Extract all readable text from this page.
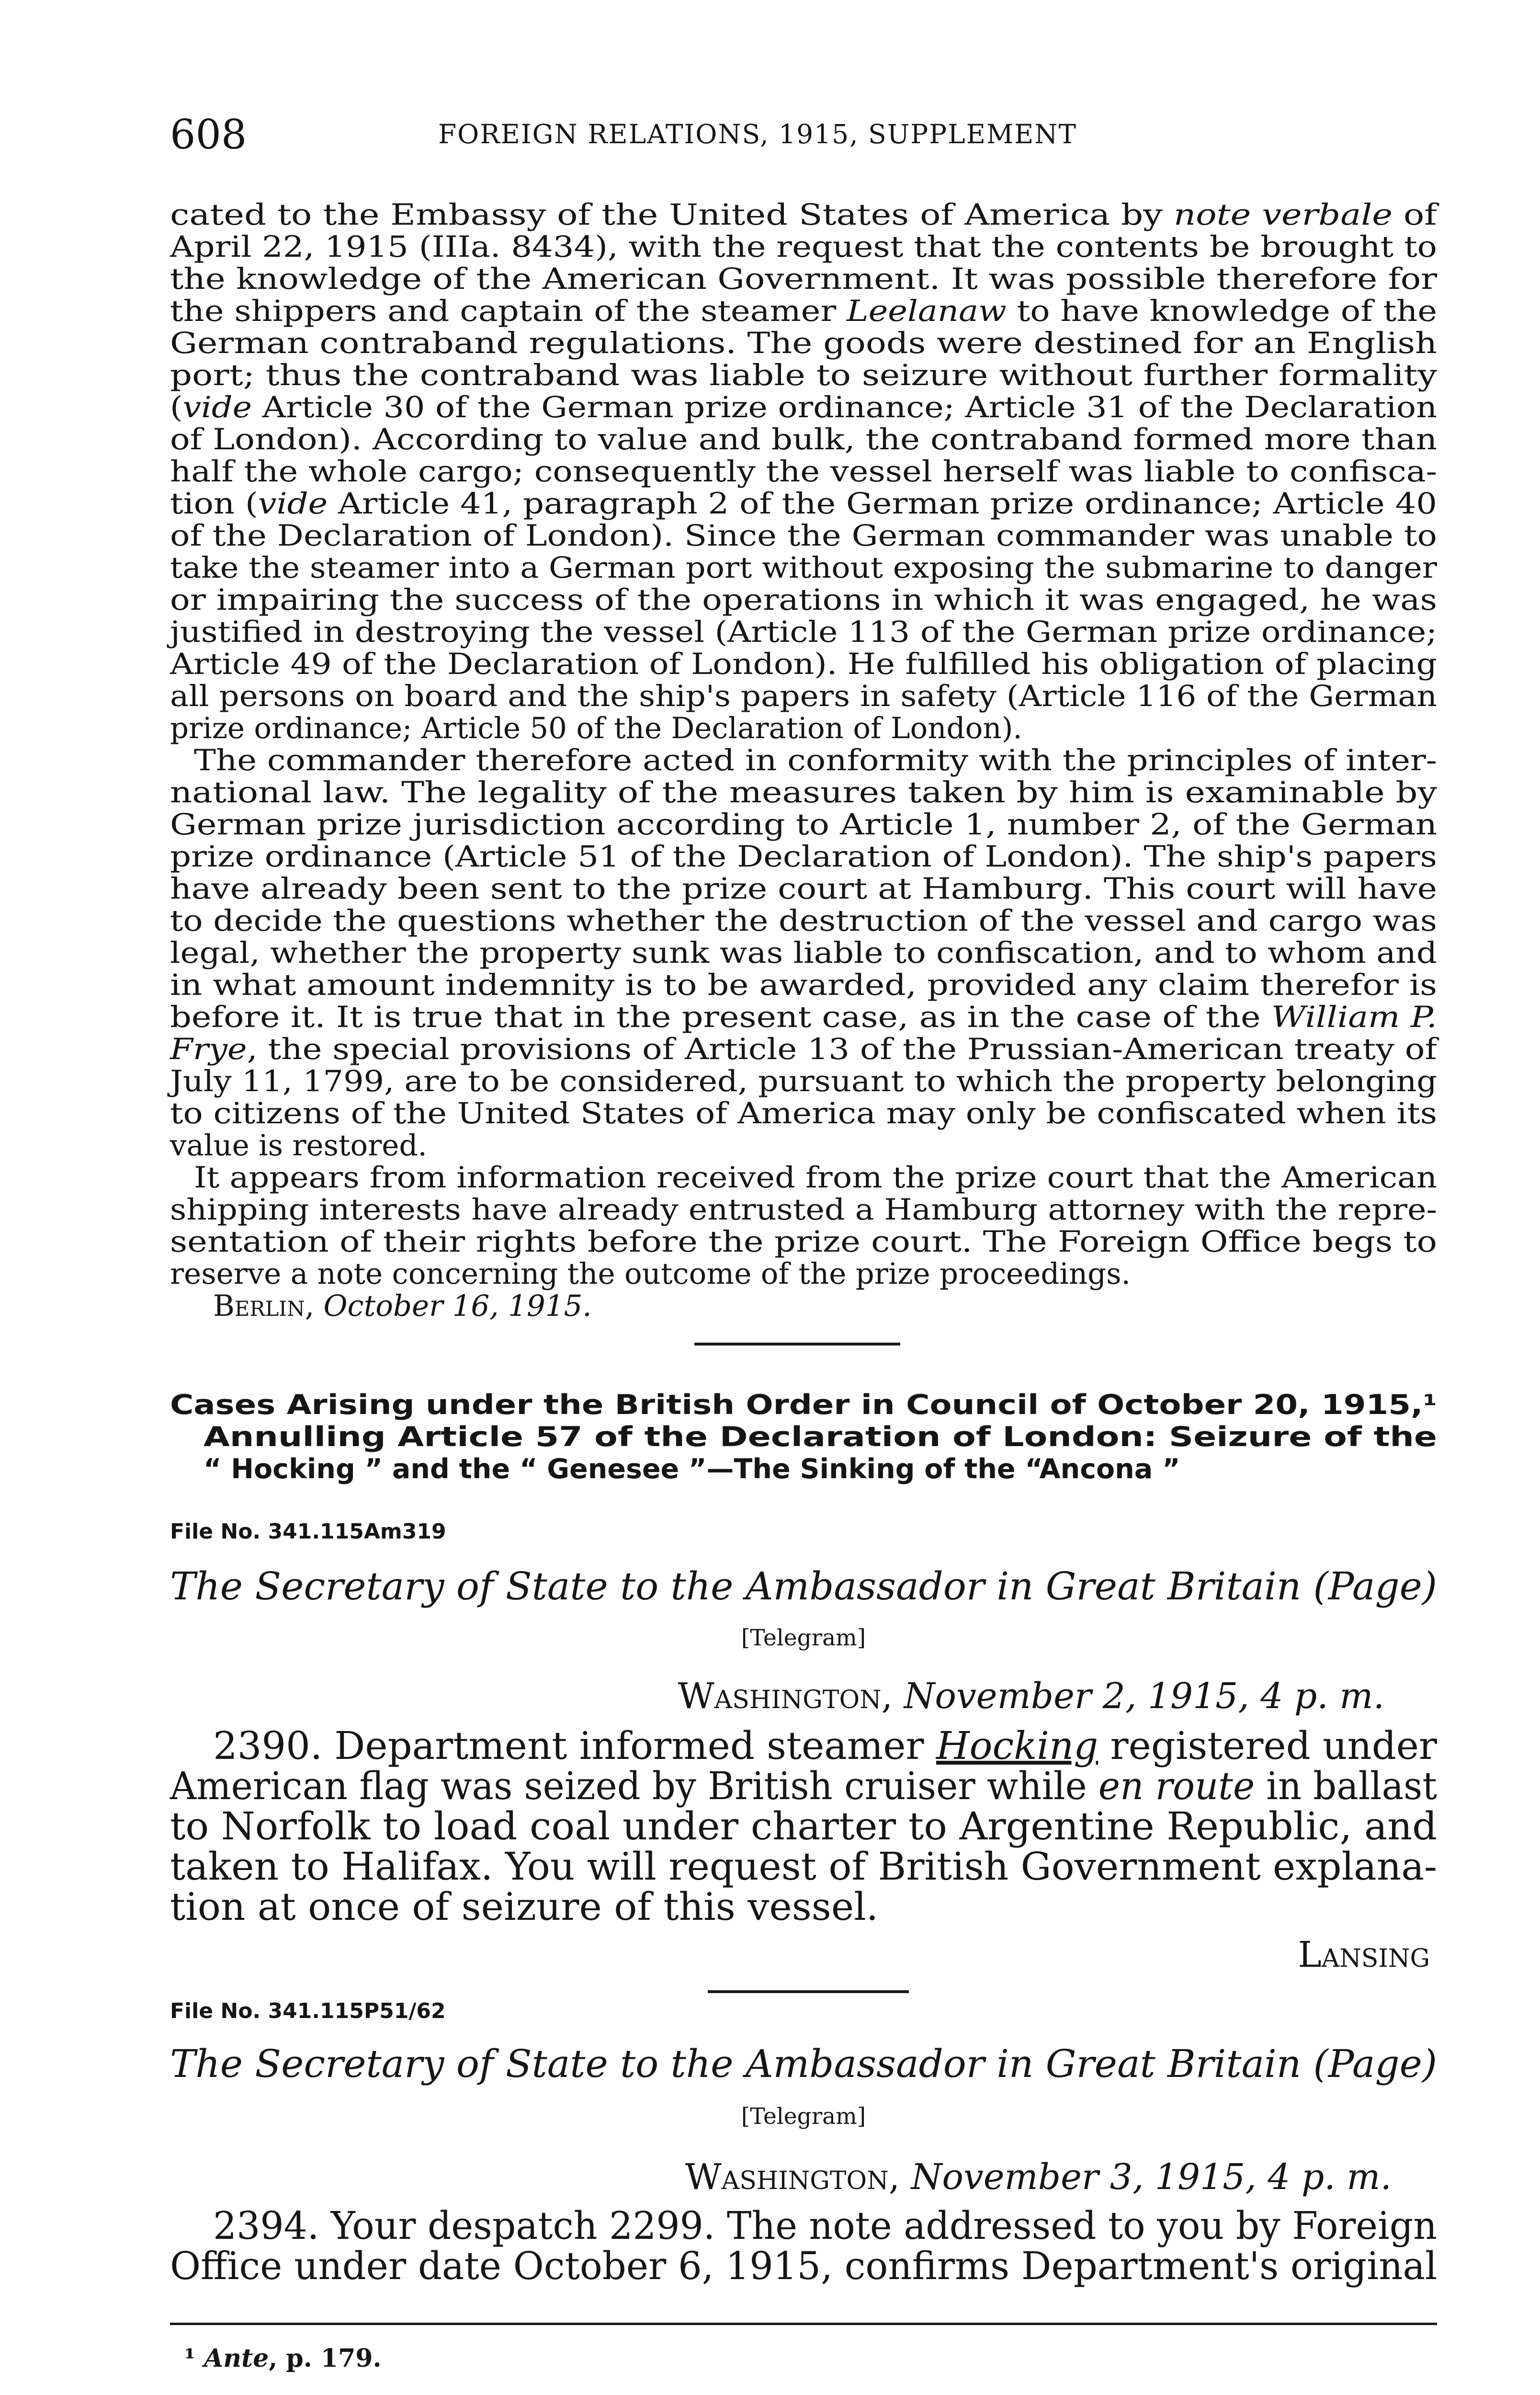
608	FOREIGN RELATIONS, 1915, SUPPLEMENT
cated to the Embassy of the United States of America by note verbale of
April 22, 1915 (IIIa. 8434), with the request that the contents be brought to
the knowledge of the American Government. It was possible therefore for
the shippers and captain of the steamer Leelanaw to have knowledge of the
German contraband regulations. The goods were destined for an English
port; thus the contraband was liable to seizure without further formality
(vide Article 30 of the German prize ordinance; Article 31 of the Declaration
of London). According to value and bulk, the contraband formed more than
half the whole cargo; consequently the vessel herself was liable to confisca-
tion (vide Article 41, paragraph 2 of the German prize ordinance; Article 40
of the Declaration of London). Since the German commander was unable to
take the steamer into a German port without exposing the submarine to danger
or impairing the success of the operations in which it was engaged, he was
justified in destroying the vessel (Article 113 of the German prize ordinance;
Article 49 of the Declaration of London). He fulfilled his obligation of placing
all persons on board and the ship's papers in safety (Article 116 of the German
prize ordinance; Article 50 of the Declaration of London).
The commander therefore acted in conformity with the principles of inter-
national law. The legality of the measures taken by him is examinable by
German prize jurisdiction according to Article 1, number 2, of the German
prize ordinance (Article 51 of the Declaration of London). The ship's papers
have already been sent to the prize court at Hamburg. This court will have
to decide the questions whether the destruction of the vessel and cargo was
legal, whether the property sunk was liable to confiscation, and to whom and
in what amount indemnity is to be awarded, provided any claim therefor is
before it. It is true that in the present case, as in the case of the William P.
Frye, the special provisions of Article 13 of the Prussian-American treaty of
July 11, 1799, are to be considered, pursuant to which the property belonging
to citizens of the United States of America may only be confiscated when its
value is restored.
It appears from information received from the prize court that the American
shipping interests have already entrusted a Hamburg attorney with the repre-
sentation of their rights before the prize court. The Foreign Office begs to
reserve a note concerning the outcome of the prize proceedings.
Berlin, October 16, 1915.
Cases Arising under the British Order in Council of October 20, 1915,¹
Annulling Article 57 of the Declaration of London: Seizure of the
“ Hocking ” and the “ Genesee ”—The Sinking of the “Ancona ”
File No. 341.115Am319
The Secretary of State to the Ambassador in Great Britain (Page)
[Telegram]
Washington, November 2, 1915, 4 p. m.
2390. Department informed steamer Hocking registered under
American flag was seized by British cruiser while en route in ballast
to Norfolk to load coal under charter to Argentine Republic, and
taken to Halifax. You will request of British Government explana-
tion at once of seizure of this vessel.
Lansing
File No. 341.115P51/62
The Secretary of State to the Ambassador in Great Britain (Page)
[Telegram]
Washington, November 3, 1915, 4 p. m.
2394. Your despatch 2299. The note addressed to you by Foreign
Office under date October 6, 1915, confirms Department's original
¹ Ante, p. 179.
